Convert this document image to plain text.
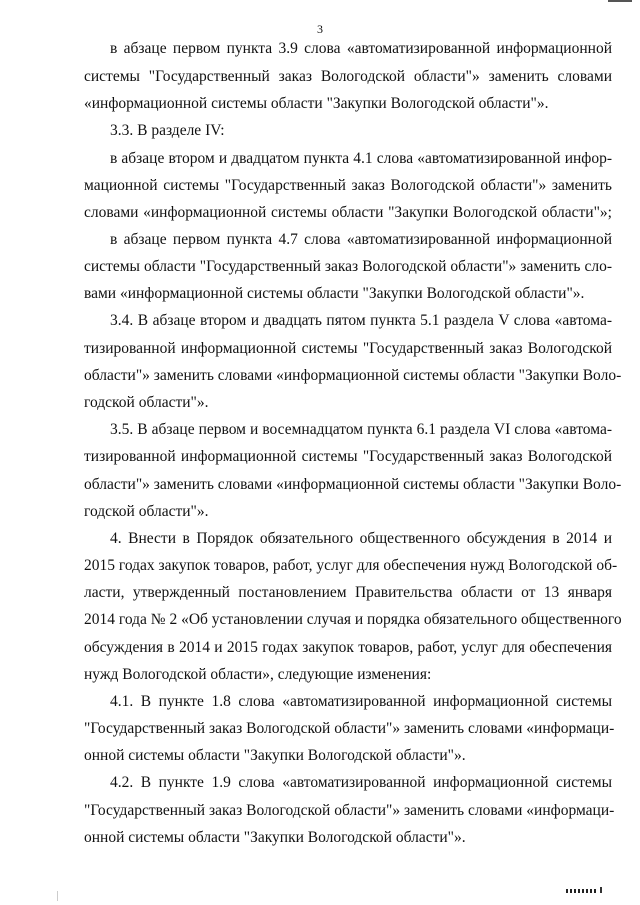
3
в абзаце первом пункта 3.9 слова «автоматизированной информационной
системы "Государственный заказ Вологодской области"» заменить словами
«информационной системы области "Закупки Вологодской области"».
3.3. В разделе IV:
в абзаце втором и двадцатом пункта 4.1 слова «автоматизированной инфор-
мационной системы "Государственный заказ Вологодской области"» заменить
словами «информационной системы области "Закупки Вологодской области"»;
в абзаце первом пункта 4.7 слова «автоматизированной информационной
системы области "Государственный заказ Вологодской области"» заменить сло-
вами «информационной системы области "Закупки Вологодской области"».
3.4. В абзаце втором и двадцать пятом пункта 5.1 раздела V слова «автома-
тизированной информационной системы "Государственный заказ Вологодской
области"» заменить словами «информационной системы области "Закупки Воло-
годской области"».
3.5. В абзаце первом и восемнадцатом пункта 6.1 раздела VI слова «автома-
тизированной информационной системы "Государственный заказ Вологодской
области"» заменить словами «информационной системы области "Закупки Воло-
годской области"».
4. Внести в Порядок обязательного общественного обсуждения в 2014 и
2015 годах закупок товаров, работ, услуг для обеспечения нужд Вологодской об-
ласти, утвержденный постановлением Правительства области от 13 января
2014 года № 2 «Об установлении случая и порядка обязательного общественного
обсуждения в 2014 и 2015 годах закупок товаров, работ, услуг для обеспечения
нужд Вологодской области», следующие изменения:
4.1. В пункте 1.8 слова «автоматизированной информационной системы
"Государственный заказ Вологодской области"» заменить словами «информаци-
онной системы области "Закупки Вологодской области"».
4.2. В пункте 1.9 слова «автоматизированной информационной системы
"Государственный заказ Вологодской области"» заменить словами «информаци-
онной системы области "Закупки Вологодской области"».
